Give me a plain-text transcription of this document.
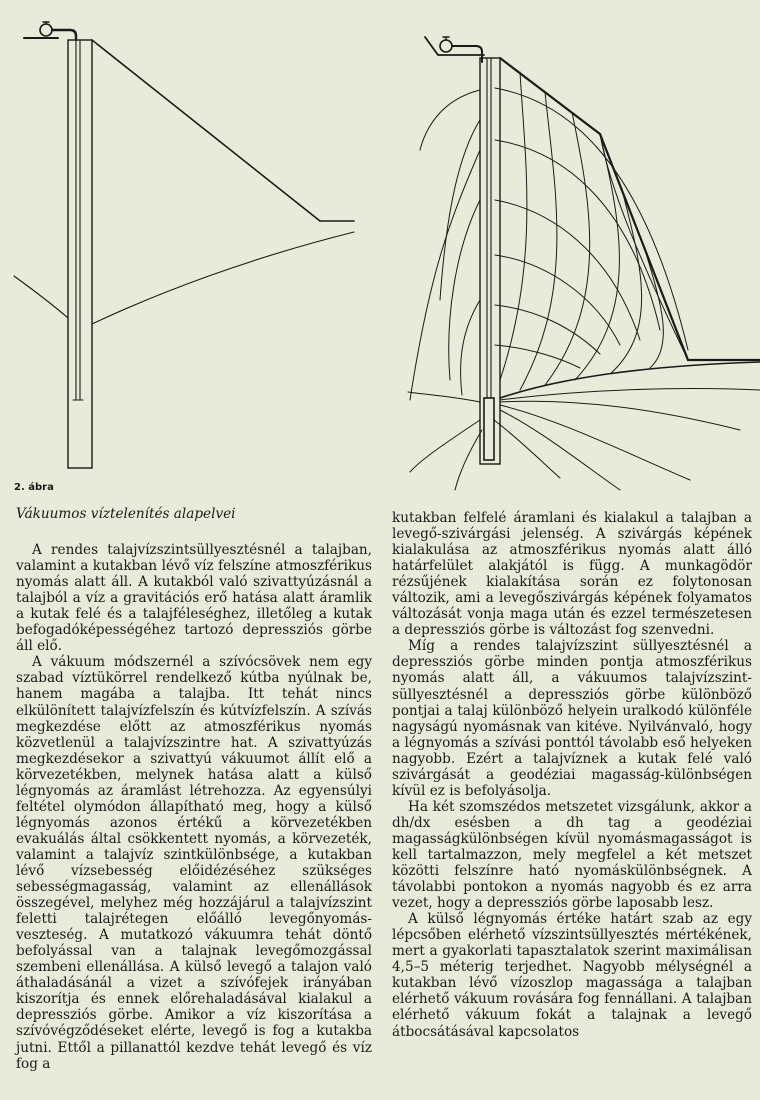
2. ábra
Vákuumos víztelenítés alapelvei

A rendes talajvízszintsüllyesztésnél a talajban, valamint a kutakban lévő víz felszíne atmoszférikus nyomás alatt áll. A kutakból való szivattyúzásnál a talajból a víz a gravitációs erő hatása alatt áramlik a kutak felé és a talajféleséghez, illetőleg a kutak befogadóképességéhez tartozó depressziós görbe áll elő.

A vákuum módszernél a szívócsövek nem egy szabad víztükörrel rendelkező kútba nyúlnak be, hanem magába a talajba. Itt tehát nincs elkülönített talajvízfelszín és kútvízfelszín. A szívás megkezdése előtt az atmoszférikus nyomás közvetlenül a talajvízszintre hat. A szivattyúzás megkezdésekor a szivattyú vákuumot állít elő a körvezetékben, melynek hatása alatt a külső légnyomás az áramlást létrehozza. Az egyensúlyi feltétel olymódon állapítható meg, hogy a külső légnyomás azonos értékű a körvezetékben evakuálás által csökkentett nyomás, a körvezeték, valamint a talajvíz szintkülönbsége, a kutakban lévő vízsebesség előidézéséhez szükséges sebességmagasság, valamint az ellenállások összegével, melyhez még hozzájárul a talajvízszint feletti talajrétegen előálló levegőnyomás-veszteség. A mutatkozó vákuumra tehát döntő befolyással van a talajnak levegőmozgással szembeni ellenállása. A külső levegő a talajon való áthaladásánál a vizet a szívófejek irányában kiszorítja és ennek előrehaladásával kialakul a depressziós görbe. Amikor a víz kiszorítása a szívóvégződéseket elérte, levegő is fog a kutakba jutni. Ettől a pillanattól kezdve tehát levegő és víz fog a

kutakban felfelé áramlani és kialakul a talajban a levegő-szivárgási jelenség. A szivárgás képének kialakulása az atmoszférikus nyomás alatt álló határfelület alakjától is függ. A munkagödör rézsűjének kialakítása során ez folytonosan változik, ami a levegőszivárgás képének folyamatos változását vonja maga után és ezzel természetesen a depressziós görbe is változást fog szenvedni.

Míg a rendes talajvízszint süllyesztésnél a depressziós görbe minden pontja atmoszférikus nyomás alatt áll, a vákuumos talajvízszintsüllyesztésnél a depressziós görbe különböző pontjai a talaj különböző helyein uralkodó különféle nagyságú nyomásnak van kitéve. Nyilvánvaló, hogy a légnyomás a szívási ponttól távolabb eső helyeken nagyobb. Ezért a talajvíznek a kutak felé való szivárgását a geodéziai magasság-különbségen kívül ez is befolyásolja.

Ha két szomszédos metszetet vizsgálunk, akkor a dh/dx esésben a dh tag a geodéziai magasságkülönbségen kívül nyomásmagasságot is kell tartalmazzon, mely megfelel a két metszet közötti felszínre ható nyomáskülönbségnek. A távolabbi pontokon a nyomás nagyobb és ez arra vezet, hogy a depressziós görbe laposabb lesz.

A külső légnyomás értéke határt szab az egy lépcsőben elérhető vízszintsüllyesztés mértékének, mert a gyakorlati tapasztalatok szerint maximálisan 4,5–5 méterig terjedhet. Nagyobb mélységnél a kutakban lévő vízoszlop magassága a talajban elérhető vákuum rovására fog fennállani. A talajban elérhető vákuum fokát a talajnak a levegő átbocsátásával kapcsolatos
